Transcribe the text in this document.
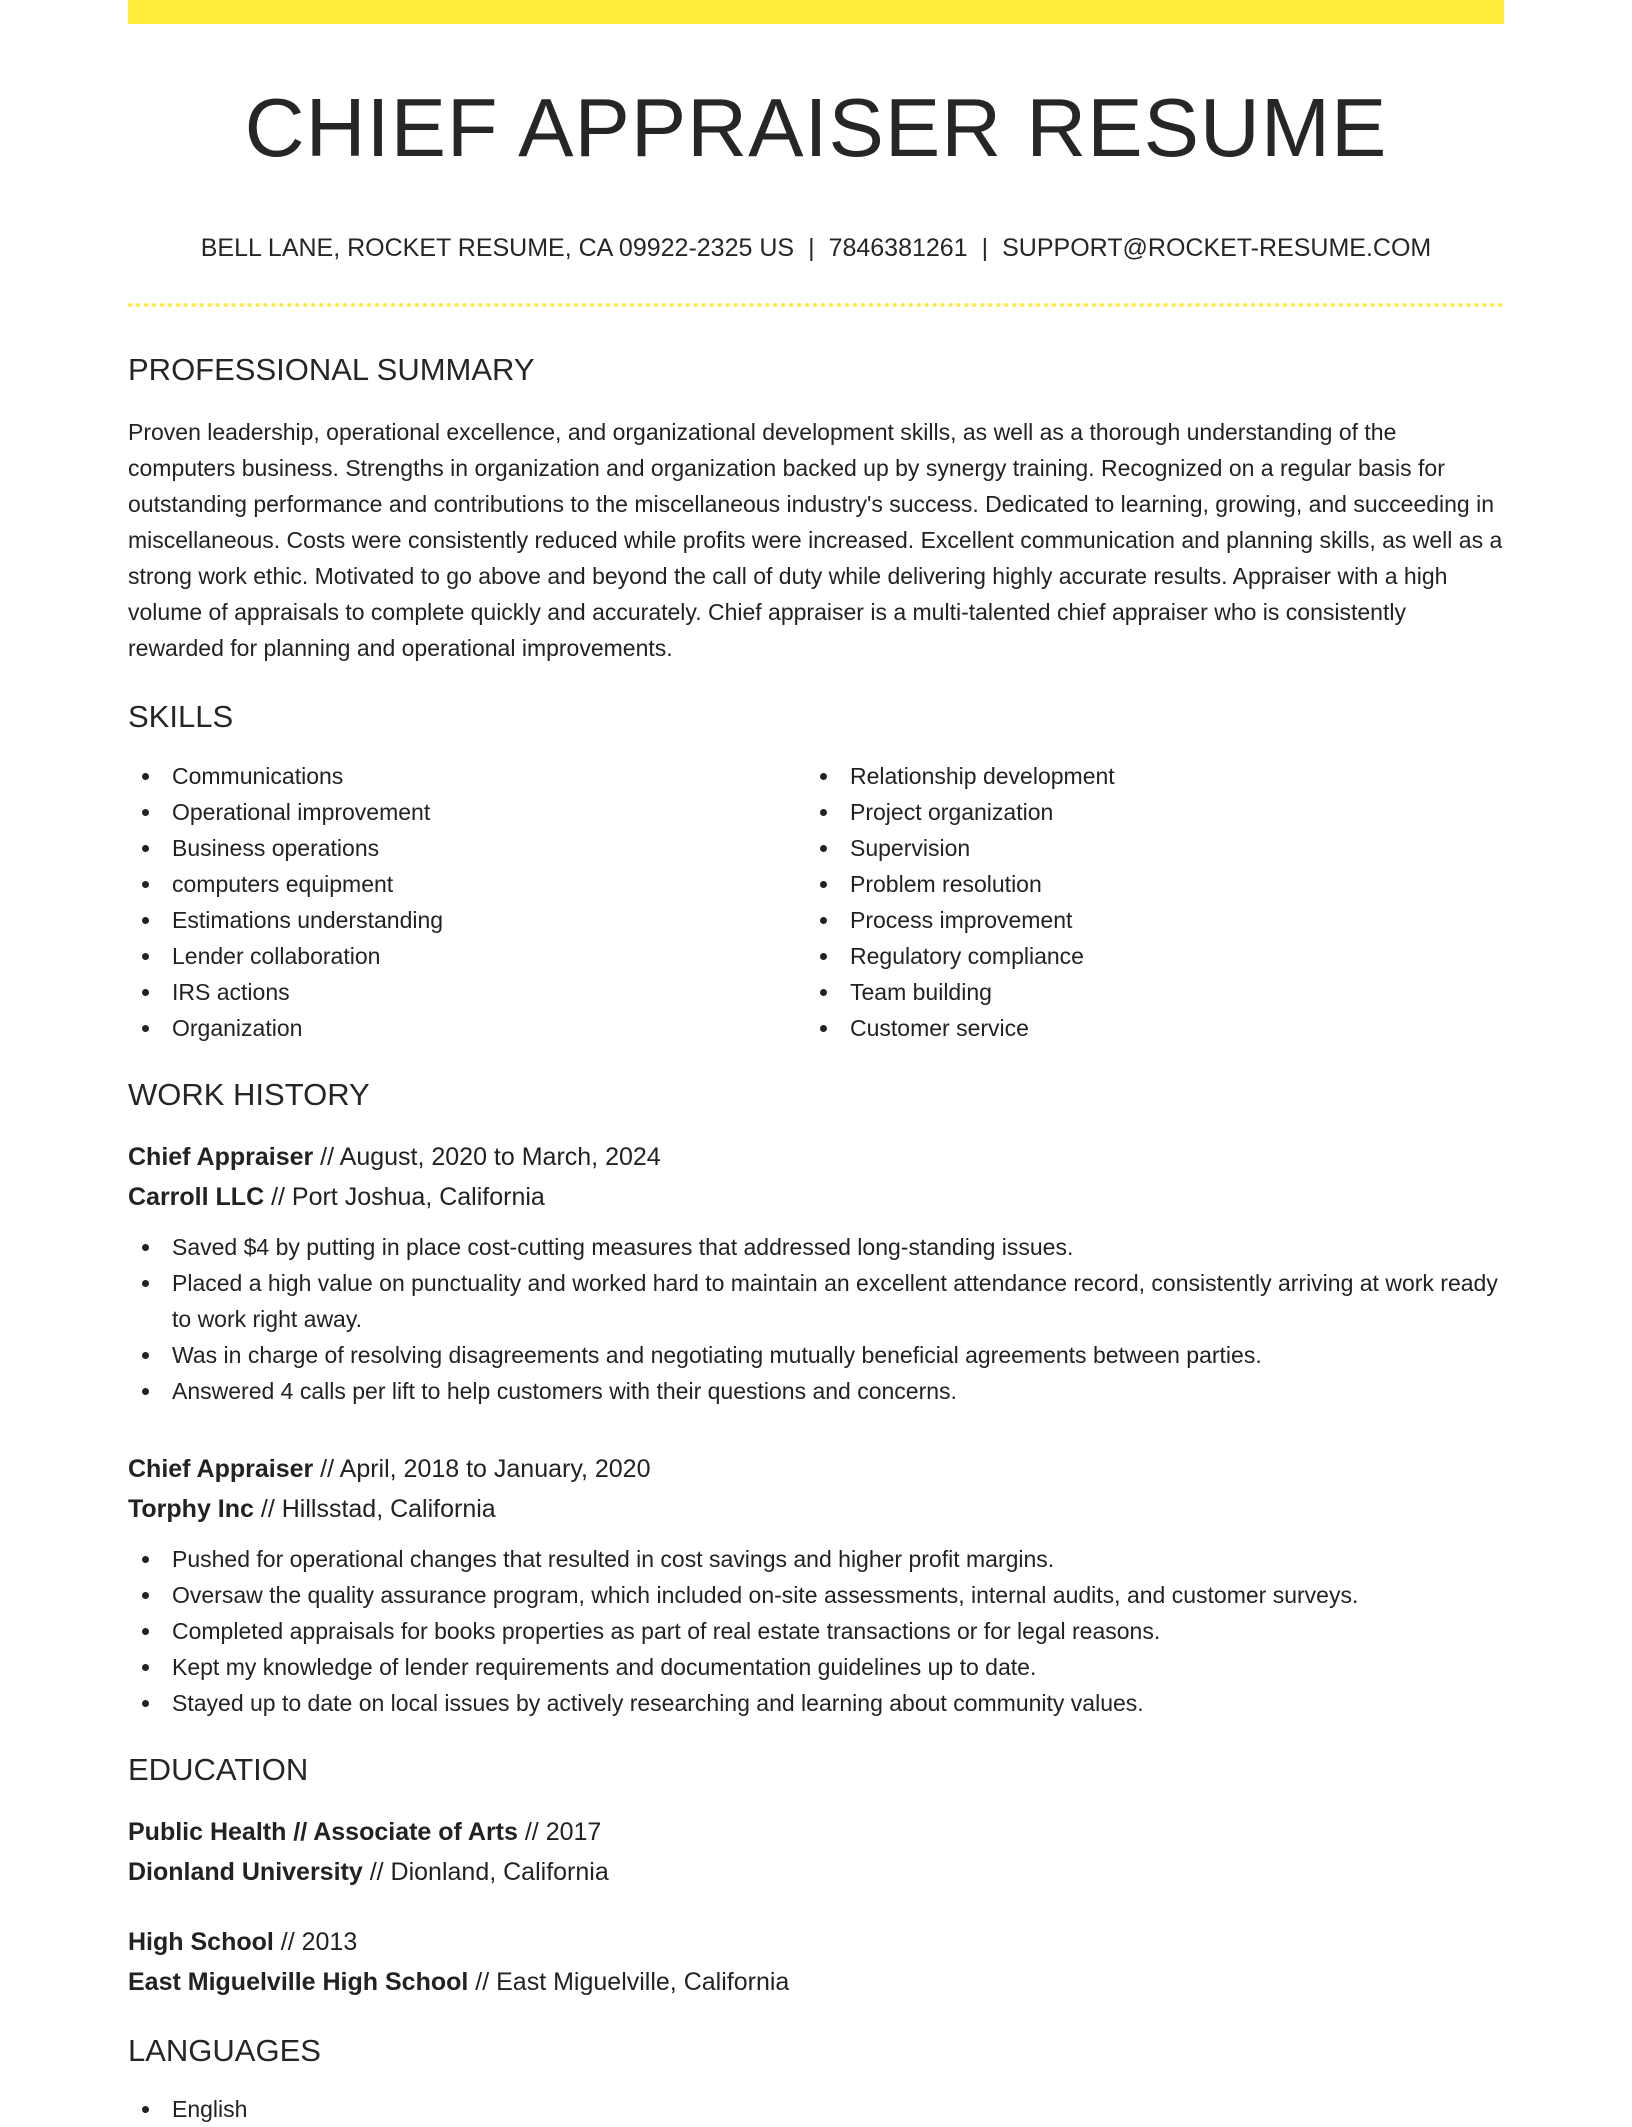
CHIEF APPRAISER RESUME
BELL LANE, ROCKET RESUME, CA 09922-2325 US | 7846381261 | SUPPORT@ROCKET-RESUME.COM
PROFESSIONAL SUMMARY
Proven leadership, operational excellence, and organizational development skills, as well as a thorough understanding of the computers business. Strengths in organization and organization backed up by synergy training. Recognized on a regular basis for outstanding performance and contributions to the miscellaneous industry's success. Dedicated to learning, growing, and succeeding in miscellaneous. Costs were consistently reduced while profits were increased. Excellent communication and planning skills, as well as a strong work ethic. Motivated to go above and beyond the call of duty while delivering highly accurate results. Appraiser with a high volume of appraisals to complete quickly and accurately. Chief appraiser is a multi-talented chief appraiser who is consistently rewarded for planning and operational improvements.
SKILLS
Communications
Operational improvement
Business operations
computers equipment
Estimations understanding
Lender collaboration
IRS actions
Organization
Relationship development
Project organization
Supervision
Problem resolution
Process improvement
Regulatory compliance
Team building
Customer service
WORK HISTORY
Chief Appraiser // August, 2020 to March, 2024
Carroll LLC // Port Joshua, California
Saved $4 by putting in place cost-cutting measures that addressed long-standing issues.
Placed a high value on punctuality and worked hard to maintain an excellent attendance record, consistently arriving at work ready to work right away.
Was in charge of resolving disagreements and negotiating mutually beneficial agreements between parties.
Answered 4 calls per lift to help customers with their questions and concerns.
Chief Appraiser // April, 2018 to January, 2020
Torphy Inc // Hillsstad, California
Pushed for operational changes that resulted in cost savings and higher profit margins.
Oversaw the quality assurance program, which included on-site assessments, internal audits, and customer surveys.
Completed appraisals for books properties as part of real estate transactions or for legal reasons.
Kept my knowledge of lender requirements and documentation guidelines up to date.
Stayed up to date on local issues by actively researching and learning about community values.
EDUCATION
Public Health // Associate of Arts // 2017
Dionland University // Dionland, California
High School // 2013
East Miguelville High School // East Miguelville, California
LANGUAGES
English
